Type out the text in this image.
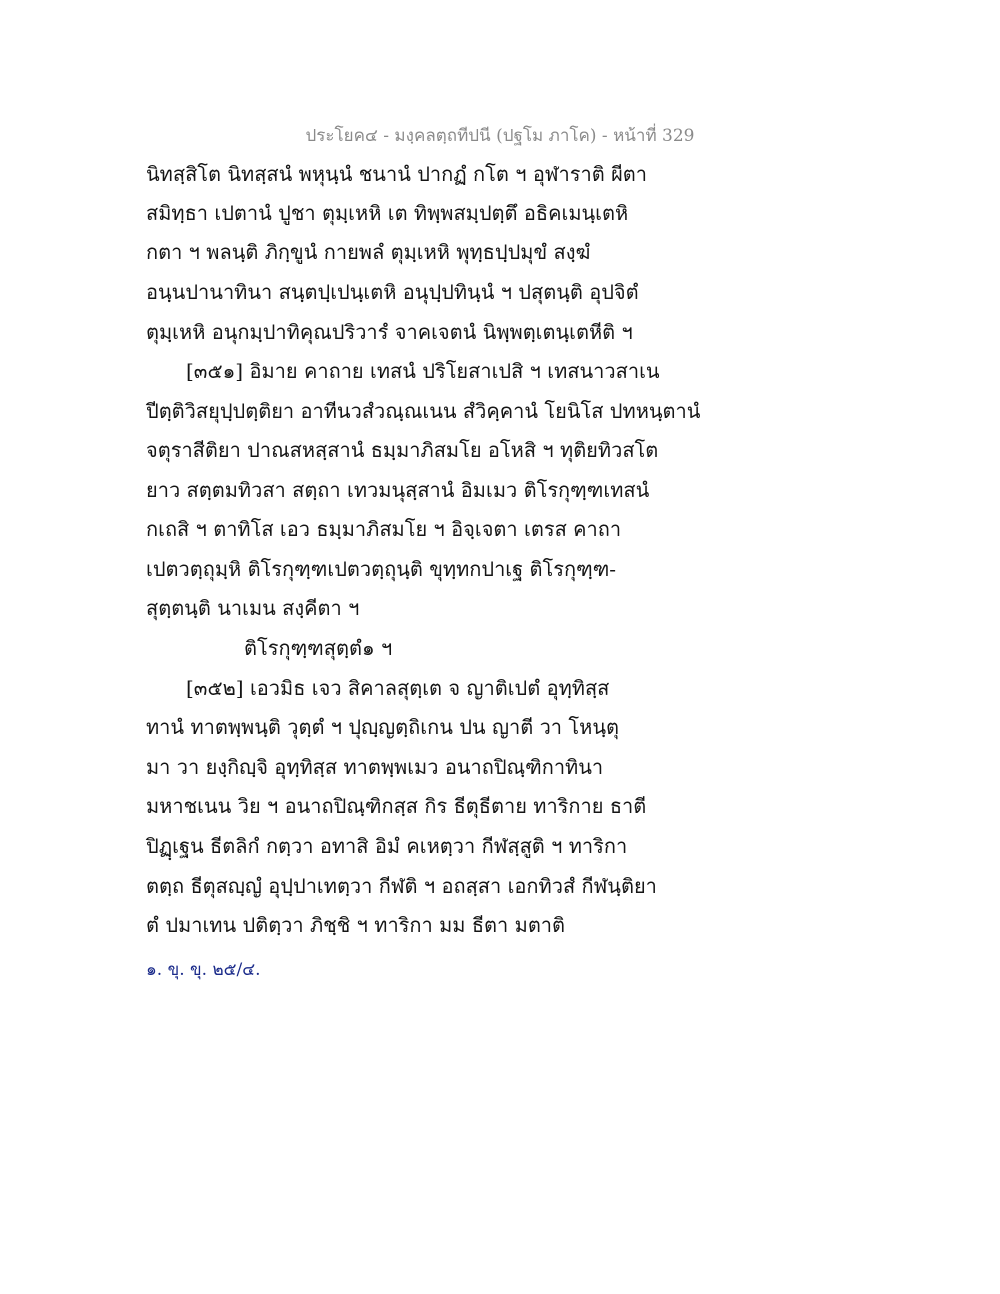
ประโยค๔ - มงฺคลตฺถทีปนี (ปฐโม ภาโค) - หน้าที่ 329
นิทสฺสิโต นิทสฺสนํ พหุนฺนํ ชนานํ ปากฏํ กโต ฯ อุฬาราติ ผีตา
สมิทฺธา เปตานํ ปูชา ตุมฺเหหิ เต ทิพฺพสมฺปตฺตึ อธิคเมนฺเตหิ
กตา ฯ พลนฺติ ภิกฺขูนํ กายพลํ ตุมฺเหหิ พุทฺธปฺปมุขํ สงฺฆํ
อนฺนปานาทินา สนฺตปฺเปนฺเตหิ อนุปฺปทินฺนํ ฯ ปสุตนฺติ อุปจิตํ
ตุมฺเหหิ อนุกมฺปาทิคุณปริวารํ จาคเจตนํ นิพฺพตฺเตนฺเตหีติ ฯ
[๓๕๑] อิมาย คาถาย เทสนํ ปริโยสาเปสิ ฯ เทสนาวสาเน
ปีตฺติวิสยุปฺปตฺติยา อาทีนวสํวณฺณเนน สํวิคฺคานํ โยนิโส ปทหนฺตานํ
จตุราสีติยา ปาณสหสฺสานํ ธมฺมาภิสมโย อโหสิ ฯ ทุติยทิวสโต
ยาว สตฺตมทิวสา สตฺถา เทวมนุสฺสานํ อิมเมว ติโรกุฑฺฑเทสนํ
กเถสิ ฯ ตาทิโส เอว ธมฺมาภิสมโย ฯ อิจฺเจตา เตรส คาถา
เปตวตฺถุมฺหิ ติโรกุฑฺฑเปตวตฺถุนฺติ ขุทฺทกปาเฐ ติโรกุฑฺฑ-
สุตฺตนฺติ นาเมน สงฺคีตา ฯ
ติโรกุฑฺฑสุตฺตํ๑ ฯ
[๓๕๒] เอวมิธ เจว สิคาลสุตฺเต จ ญาติเปตํ อุทฺทิสฺส
ทานํ ทาตพฺพนฺติ วุตฺตํ ฯ ปุญฺญตฺถิเกน ปน ญาตี วา โหนฺตุ
มา วา ยงฺกิญฺจิ อุทฺทิสฺส ทาตพฺพเมว อนาถปิณฺฑิกาทินา
มหาชเนน วิย ฯ อนาถปิณฺฑิกสฺส กิร ธีตุธีตาย ทาริกาย ธาตี
ปิฏฺเฐน ธีตลิกํ กตฺวา อทาสิ อิมํ คเหตฺวา กีฬสฺสูติ ฯ ทาริกา
ตตฺถ ธีตุสญฺญํ อุปฺปาเทตฺวา กีฬติ ฯ อถสฺสา เอกทิวสํ กีฬนฺติยา
ตํ ปมาเทน ปติตฺวา ภิชฺชิ ฯ ทาริกา มม ธีตา มตาติ
๑. ขุ. ขุ. ๒๕/๔.
